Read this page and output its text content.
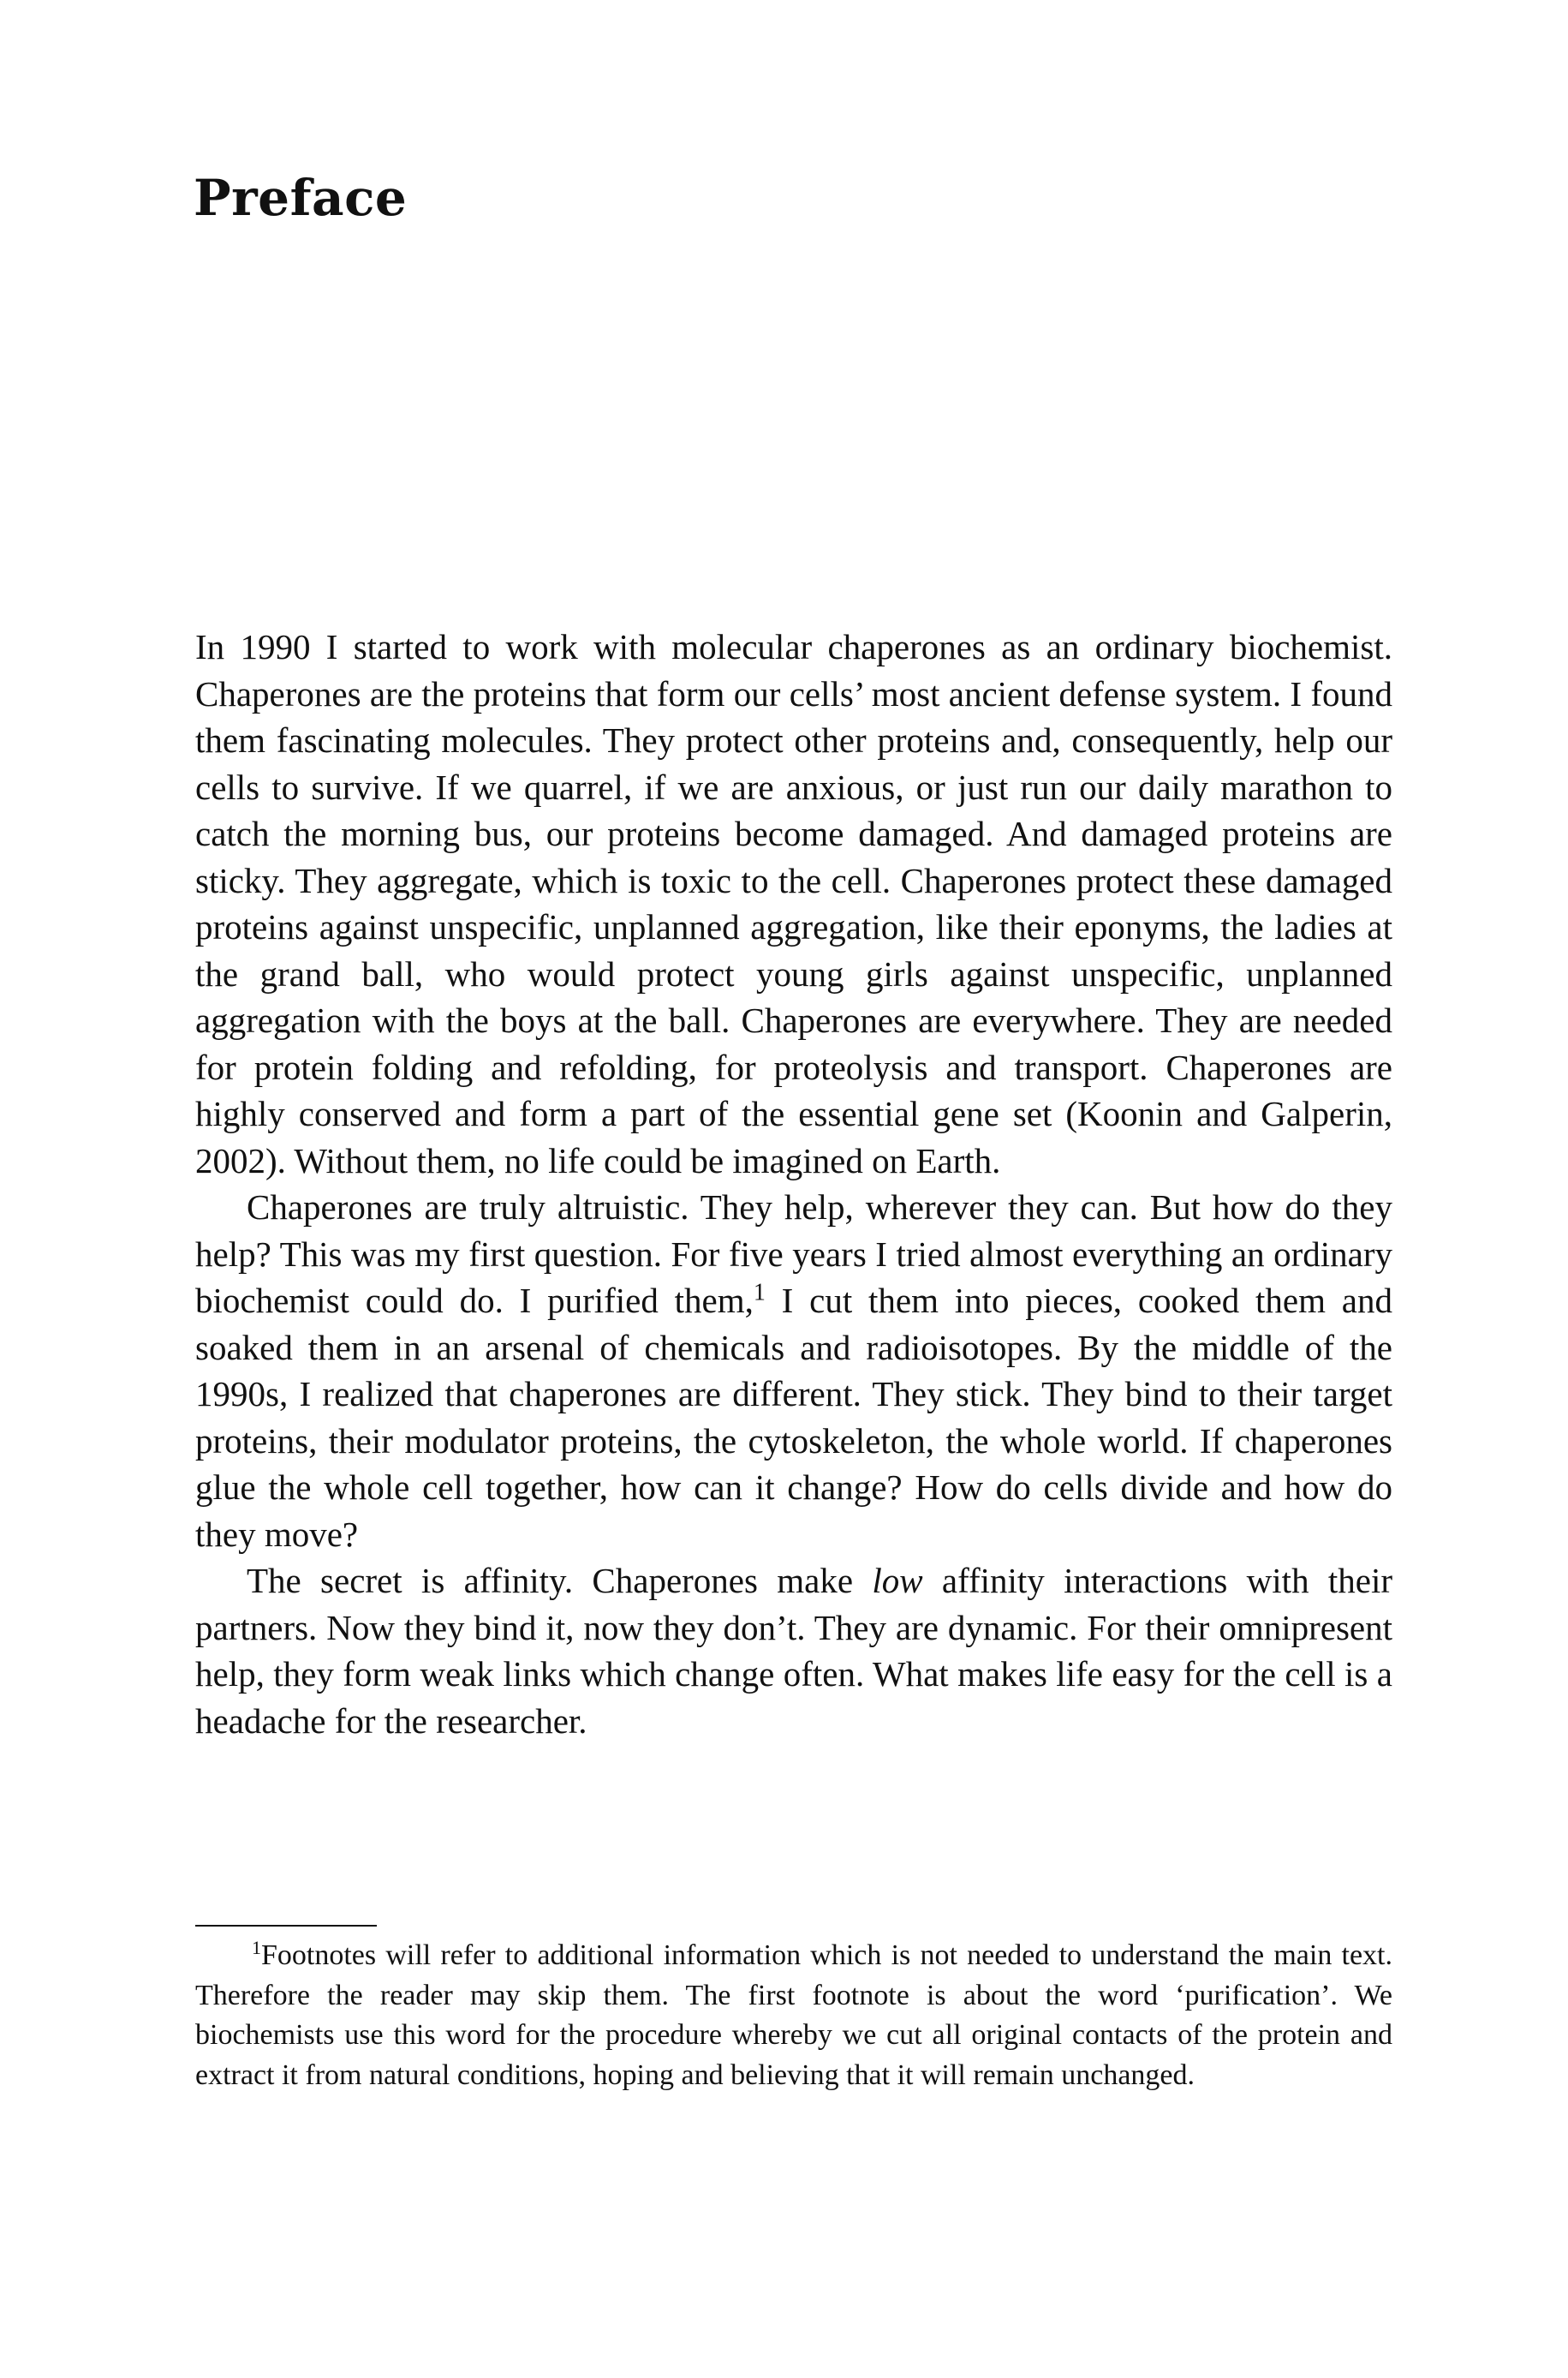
Preface

In 1990 I started to work with molecular chaperones as an ordinary biochemist. Chaperones are the proteins that form our cells’ most ancient defense system. I found them fascinating molecules. They protect other proteins and, consequently, help our cells to survive. If we quarrel, if we are anxious, or just run our daily marathon to catch the morning bus, our proteins become damaged. And damaged proteins are sticky. They aggregate, which is toxic to the cell. Chaperones protect these damaged proteins against unspecific, unplanned aggregation, like their eponyms, the ladies at the grand ball, who would protect young girls against unspecific, unplanned aggregation with the boys at the ball. Chaperones are everywhere. They are needed for protein folding and refolding, for proteolysis and transport. Chaperones are highly conserved and form a part of the essential gene set (Koonin and Galperin, 2002). Without them, no life could be imagined on Earth.

Chaperones are truly altruistic. They help, wherever they can. But how do they help? This was my first question. For five years I tried almost everything an ordinary biochemist could do. I purified them,$^1$ I cut them into pieces, cooked them and soaked them in an arsenal of chemicals and radioisotopes. By the middle of the 1990s, I realized that chaperones are different. They stick. They bind to their target proteins, their modulator proteins, the cytoskeleton, the whole world. If chaperones glue the whole cell together, how can it change? How do cells divide and how do they move?

The secret is affinity. Chaperones make low affinity interactions with their partners. Now they bind it, now they don’t. They are dynamic. For their omnipresent help, they form weak links which change often. What makes life easy for the cell is a headache for the researcher.

1Footnotes will refer to additional information which is not needed to understand the main text. Therefore the reader may skip them. The first footnote is about the word ‘purification’. We biochemists use this word for the procedure whereby we cut all original contacts of the protein and extract it from natural conditions, hoping and believing that it will remain unchanged.
